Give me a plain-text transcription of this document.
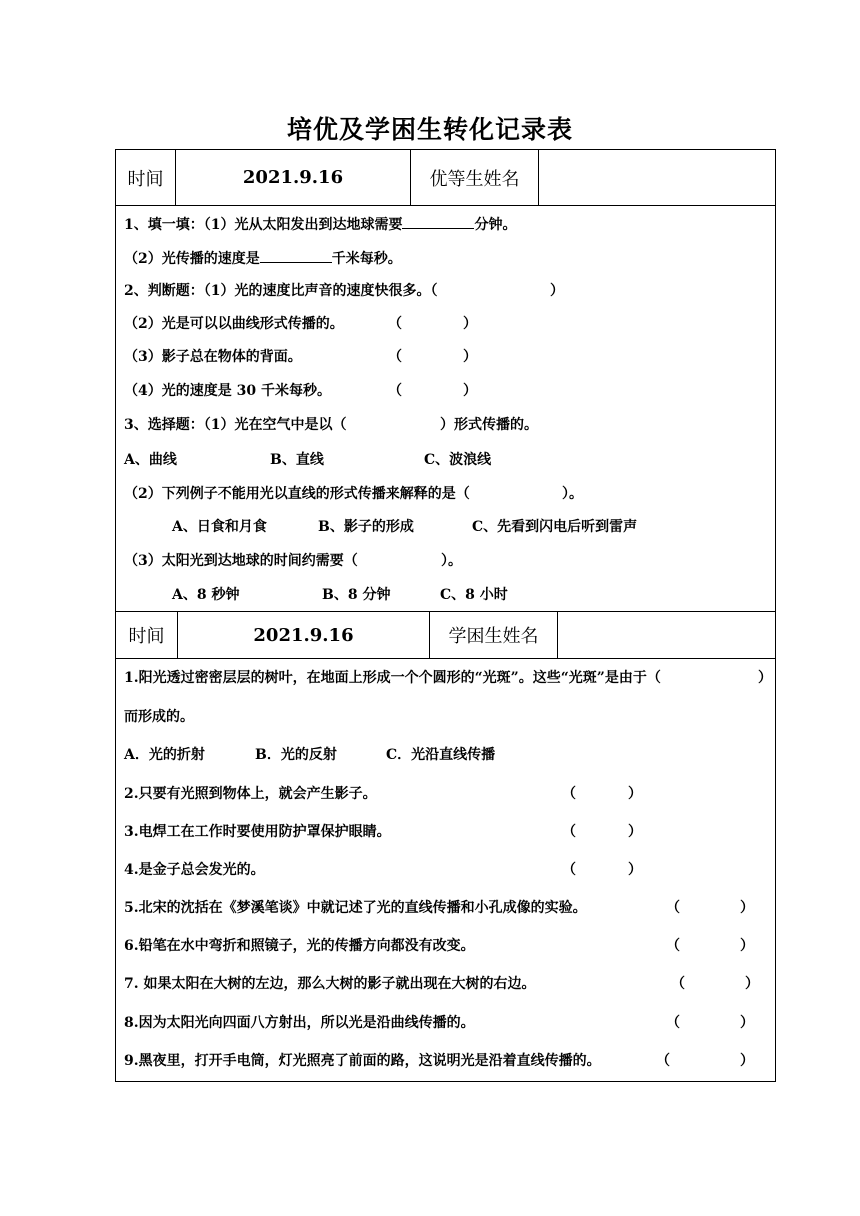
培优及学困生转化记录表
时间	2021.9.16	优等生姓名
1、填一填：（1）光从太阳发出到达地球需要	分钟。
（2）光传播的速度是	千米每秒。
2、判断题：（1）光的速度比声音的速度快很多。（	）
（2）光是可以以曲线形式传播的。	（	）
（3）影子总在物体的背面。	（	）
（4）光的速度是 30 千米每秒。	（	）
3、选择题：（1）光在空气中是以（	）形式传播的。
A、曲线	B、直线	C、波浪线
（2）下列例子不能用光以直线的形式传播来解释的是（	）。
A、日食和月食	B、影子的形成	C、先看到闪电后听到雷声
（3）太阳光到达地球的时间约需要（	）。
A、8 秒钟	B、8 分钟	C、8 小时
时间	2021.9.16	学困生姓名
1.阳光透过密密层层的树叶，在地面上形成一个个圆形的“光斑”。这些“光斑”是由于（	）
而形成的。
A．光的折射	B．光的反射	C．光沿直线传播
2.只要有光照到物体上，就会产生影子。	（	）
3.电焊工在工作时要使用防护罩保护眼睛。	（	）
4.是金子总会发光的。	（	）
5.北宋的沈括在《梦溪笔谈》中就记述了光的直线传播和小孔成像的实验。	（	）
6.铅笔在水中弯折和照镜子，光的传播方向都没有改变。	（	）
7. 如果太阳在大树的左边，那么大树的影子就出现在大树的右边。	（	）
8.因为太阳光向四面八方射出，所以光是沿曲线传播的。	（	）
9.黑夜里，打开手电筒，灯光照亮了前面的路，这说明光是沿着直线传播的。	（	）
